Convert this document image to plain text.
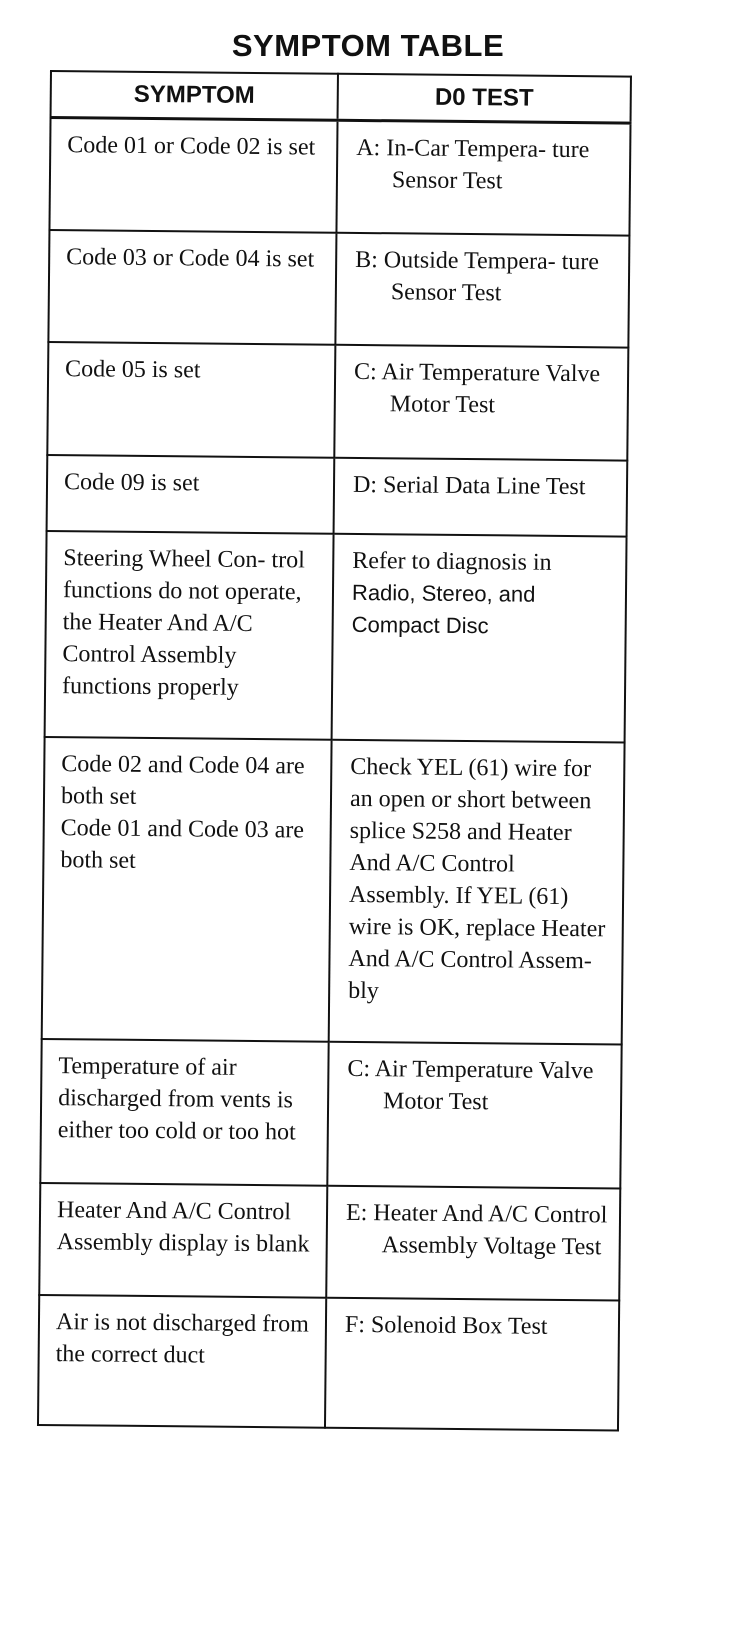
SYMPTOM TABLE
SYMPTOM	D0 TEST
Code 01 or Code 02 is set	A: In-Car Tempera- ture Sensor Test

Code 03 or Code 04 is set	B: Outside Tempera- ture Sensor Test

Code 05 is set	C: Air Temperature Valve Motor Test

Code 09 is set	D: Serial Data Line Test

Steering Wheel Con- trol functions do not operate, the Heater And A/C Control Assembly functions properly	Refer to diagnosis in Radio, Stereo, and Compact Disc

Code 02 and Code 04 are both set
Code 01 and Code 03 are both set	Check YEL (61) wire for an open or short between splice S258 and Heater And A/C Control Assembly. If YEL (61) wire is OK, replace Heater And A/C Control Assem- bly
Temperature of air discharged from vents is either too cold or too hot	C: Air Temperature Valve Motor Test

Heater And A/C Control Assembly display is blank	E: Heater And A/C Control Assembly Voltage Test

Air is not discharged from the correct duct	F: Solenoid Box Test
